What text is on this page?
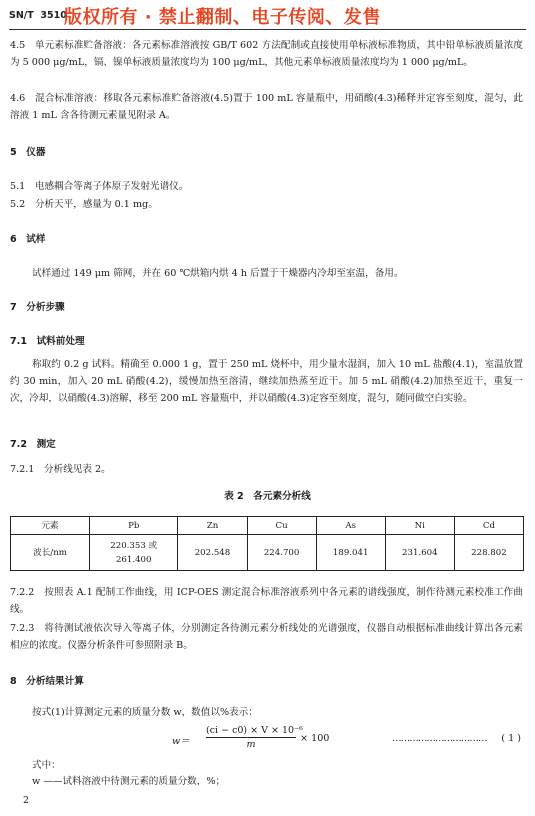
SN/T 3510
版权所有 · 禁止翻制、电子传阅、发售
4.5　单元素标准贮备溶液：各元素标准溶液按 GB/T 602 方法配制或直接使用单标液标准物质，其中铅单标液质量浓度为 5 000 μg/mL，镉、镍单标液质量浓度均为 100 μg/mL，其他元素单标液质量浓度均为 1 000 μg/mL。
4.6　混合标准溶液：移取各元素标准贮备溶液(4.5)置于 100 mL 容量瓶中，用硝酸(4.3)稀释并定容至刻度，混匀，此溶液 1 mL 含各待测元素量见附录 A。
5　仪器
5.1　电感耦合等离子体原子发射光谱仪。
5.2　分析天平，感量为 0.1 mg。
6　试样
试样通过 149 μm 筛网，并在 60 ℃烘箱内烘 4 h 后置于干燥器内冷却至室温，备用。
7　分析步骤
7.1　试料前处理
称取约 0.2 g 试料。精确至 0.000 1 g，置于 250 mL 烧杯中，用少量水湿润，加入 10 mL 盐酸(4.1)，室温放置约 30 min，加入 20 mL 硝酸(4.2)，缓慢加热至溶清，继续加热蒸至近干。加 5 mL 硝酸(4.2)加热至近干，重复一次，冷却，以硝酸(4.3)溶解，移至 200 mL 容量瓶中，并以硝酸(4.3)定容至刻度，混匀，随同做空白实验。
7.2　测定
7.2.1　分析线见表 2。
表 2　各元素分析线
元素	Pb	Zn	Cu	As	Ni	Cd
波长/nm	220.353 或
261.400	202.548	224.700	189.041	231.604	228.802
7.2.2　按照表 A.1 配制工作曲线，用 ICP-OES 测定混合标准溶液系列中各元素的谱线强度，制作待测元素校准工作曲线。
7.2.3　将待测试液依次导入等离子体，分别测定各待测元素分析线处的光谱强度，仪器自动根据标准曲线计算出各元素相应的浓度。仪器分析条件可参照附录 B。
8　分析结果计算
按式(1)计算测定元素的质量分数 w，数值以%表示：
$w= \frac{\text{(ci − c0) × V × 10⁻⁶}}{m} \times 100$	…………………………… ( 1 )
式中：
w ——试料溶液中待测元素的质量分数，%；
2
